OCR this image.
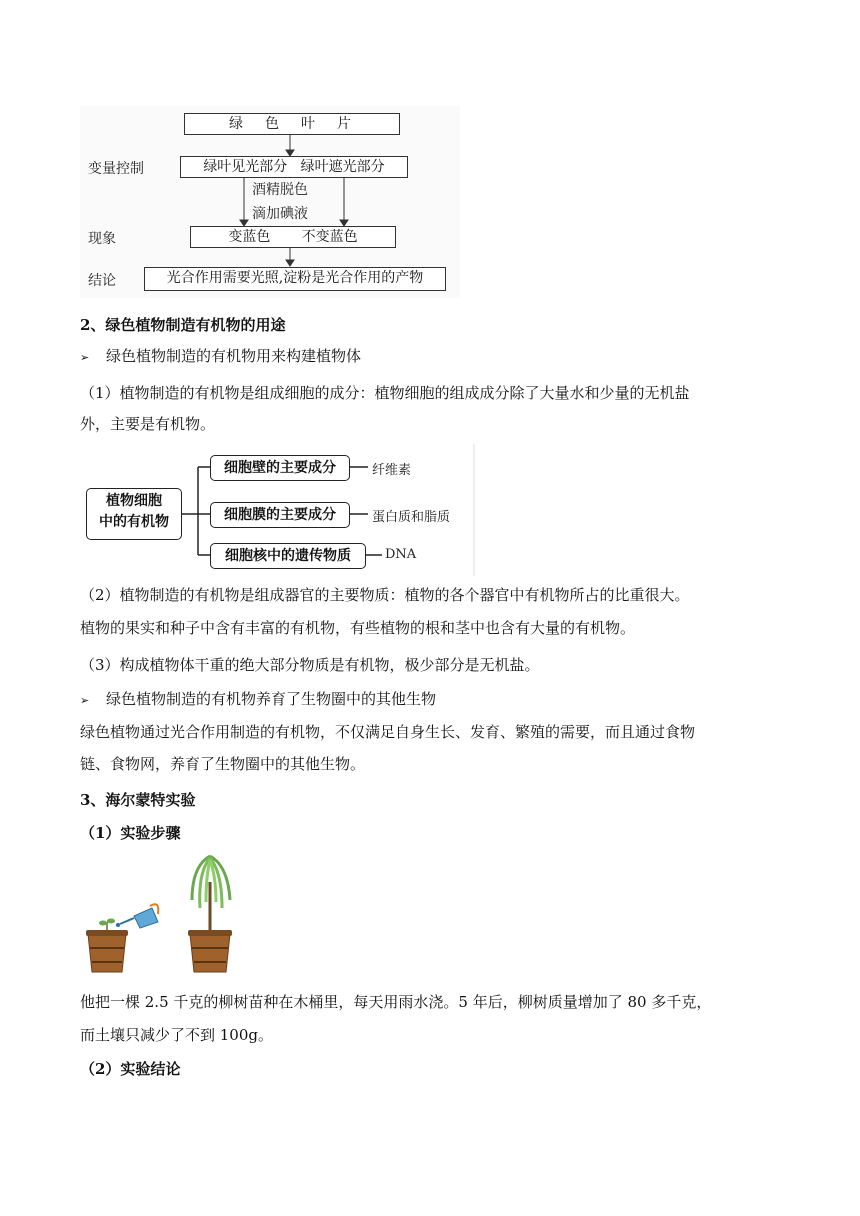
绿　色　叶　片
变量控制	绿叶见光部分 绿叶遮光部分
酒精脱色
滴加碘液
现象	变蓝色 不变蓝色
结论	光合作用需要光照,淀粉是光合作用的产物
2、绿色植物制造有机物的用途
➢ 绿色植物制造的有机物用来构建植物体
（1）植物制造的有机物是组成细胞的成分：植物细胞的组成成分除了大量水和少量的无机盐
外，主要是有机物。
植物细胞
中的有机物
细胞壁的主要成分	纤维素
细胞膜的主要成分	蛋白质和脂质
细胞核中的遗传物质	DNA
（2）植物制造的有机物是组成器官的主要物质：植物的各个器官中有机物所占的比重很大。
植物的果实和种子中含有丰富的有机物，有些植物的根和茎中也含有大量的有机物。
（3）构成植物体干重的绝大部分物质是有机物，极少部分是无机盐。
➢ 绿色植物制造的有机物养育了生物圈中的其他生物
绿色植物通过光合作用制造的有机物，不仅满足自身生长、发育、繁殖的需要，而且通过食物
链、食物网，养育了生物圈中的其他生物。
3、海尔蒙特实验
（1）实验步骤
他把一棵 2.5 千克的柳树苗种在木桶里，每天用雨水浇。5 年后，柳树质量增加了 80 多千克，
而土壤只减少了不到 100g。
（2）实验结论
